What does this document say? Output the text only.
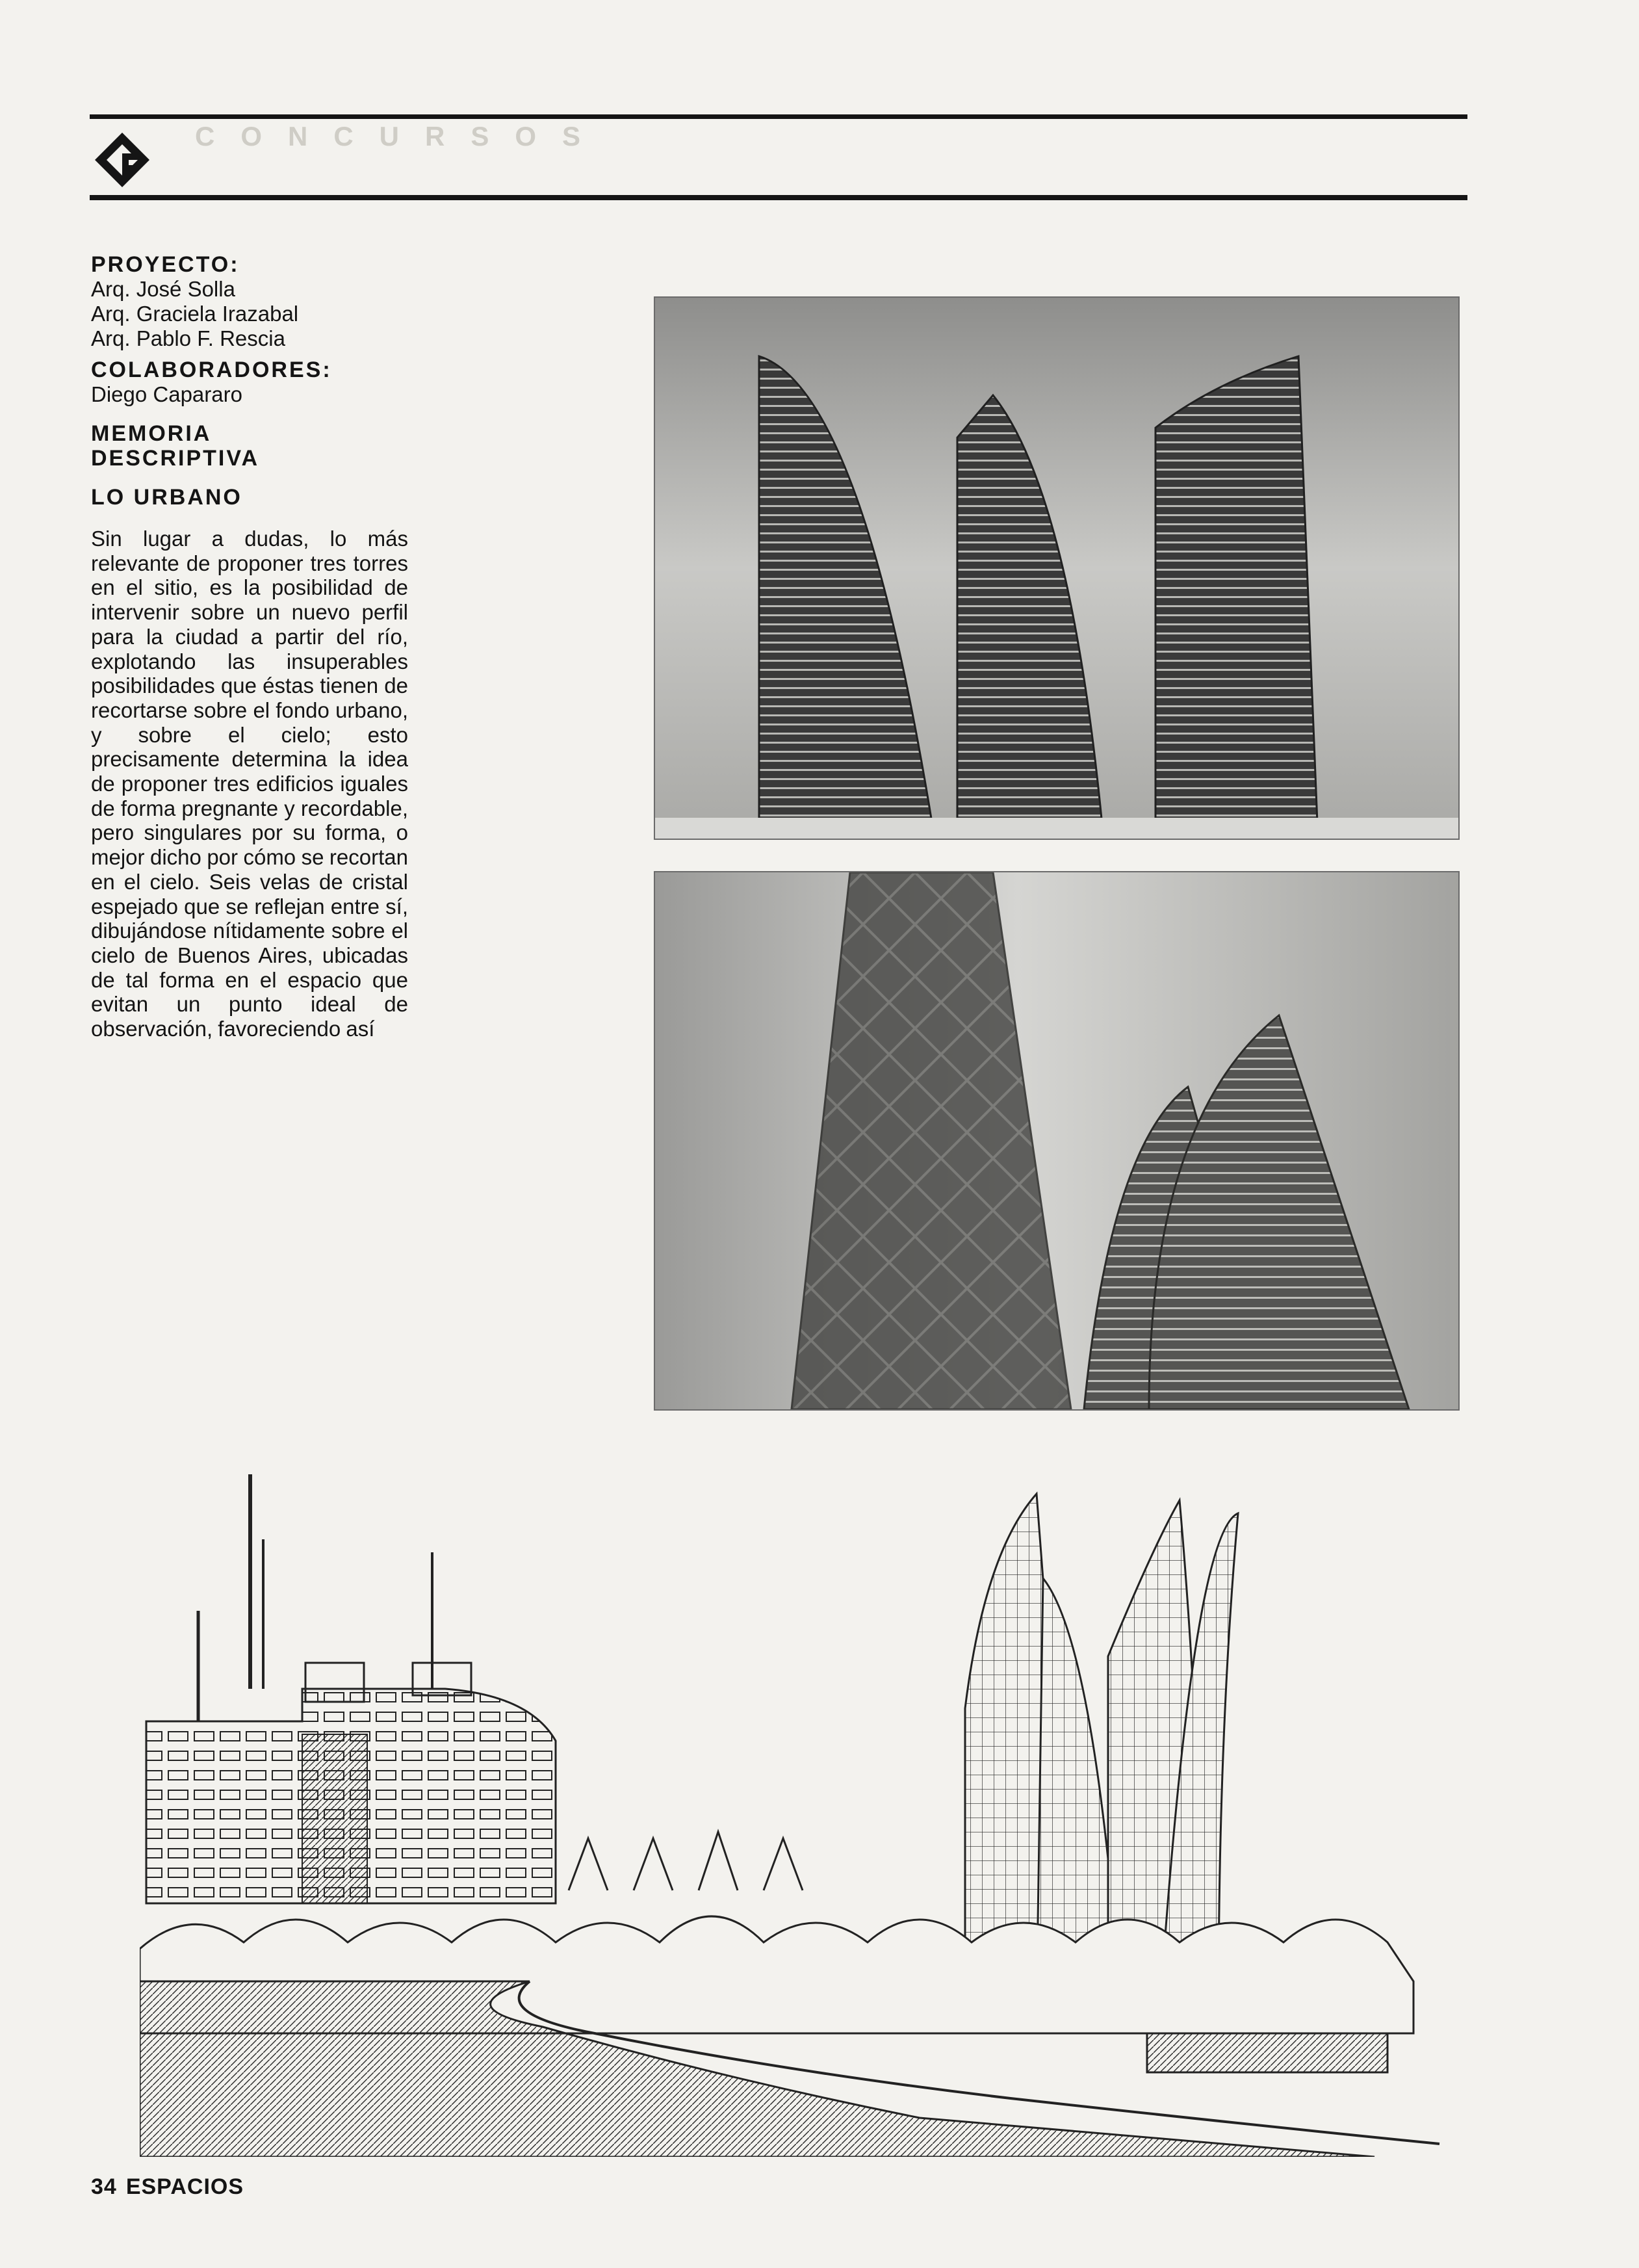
CONCURSOS

PROYECTO:

Arq. José Solla

Arq. Graciela Irazabal

Arq. Pablo F. Rescia

COLABORADORES:

Diego Capararo

MEMORIA

DESCRIPTIVA

LO URBANO

Sin lugar a dudas, lo más relevante de proponer tres torres en el sitio, es la posibilidad de intervenir sobre un nuevo perfil para la ciudad a partir del río, explotando las insuperables posibilidades que éstas tienen de recortarse sobre el fondo urbano, y sobre el cielo; esto precisamente determina la idea de proponer tres edificios iguales de forma pregnante y recordable, pero singulares por su forma, o mejor dicho por cómo se recortan en el cielo. Seis velas de cristal espejado que se reflejan entre sí, dibujándose nítidamente sobre el cielo de Buenos Aires, ubicadas de tal forma en el espacio que evitan un punto ideal de observación, favoreciendo así

34 ESPACIOS
